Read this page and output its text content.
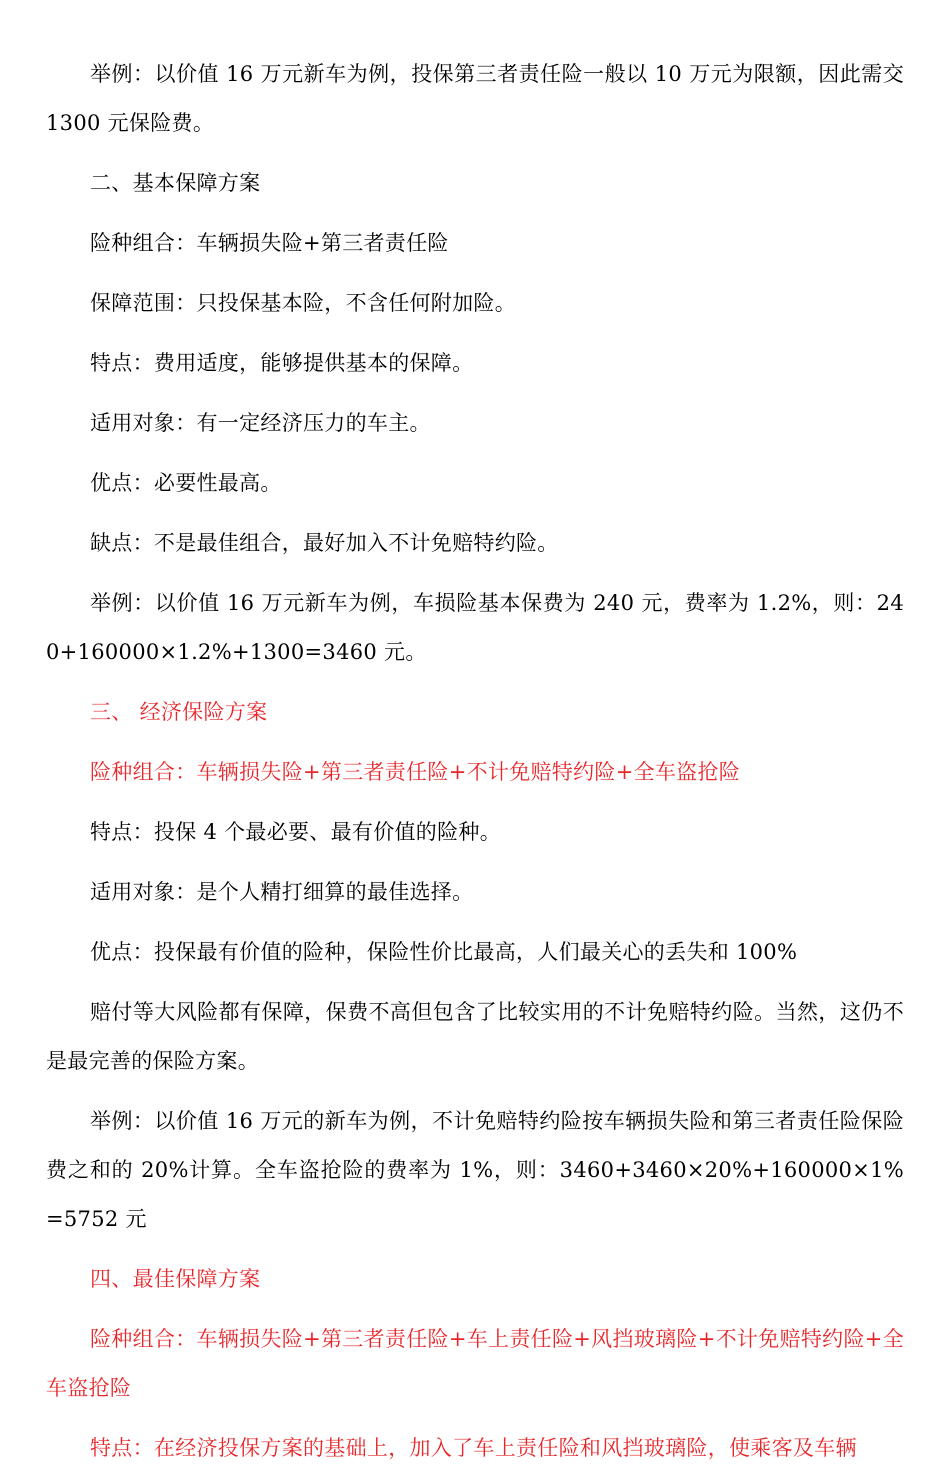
举例：以价值 16 万元新车为例，投保第三者责任险一般以 10 万元为限额，因此需交 1300 元保险费。

二、基本保障方案

险种组合：车辆损失险+第三者责任险

保障范围：只投保基本险，不含任何附加险。

特点：费用适度，能够提供基本的保障。

适用对象：有一定经济压力的车主。

优点：必要性最高。

缺点：不是最佳组合，最好加入不计免赔特约险。

举例：以价值 16 万元新车为例，车损险基本保费为 240 元，费率为 1.2%，则：240+160000×1.2%+1300=3460 元。

三、 经济保险方案

险种组合：车辆损失险+第三者责任险+不计免赔特约险+全车盗抢险

特点：投保 4 个最必要、最有价值的险种。

适用对象：是个人精打细算的最佳选择。

优点：投保最有价值的险种，保险性价比最高，人们最关心的丢失和 100%

赔付等大风险都有保障，保费不高但包含了比较实用的不计免赔特约险。当然，这仍不是最完善的保险方案。

举例：以价值 16 万元的新车为例，不计免赔特约险按车辆损失险和第三者责任险保险费之和的 20%计算。全车盗抢险的费率为 1%，则：3460+3460×20%+160000×1%=5752 元

四、最佳保障方案

险种组合：车辆损失险+第三者责任险+车上责任险+风挡玻璃险+不计免赔特约险+全车盗抢险

特点：在经济投保方案的基础上，加入了车上责任险和风挡玻璃险，使乘客及车辆
